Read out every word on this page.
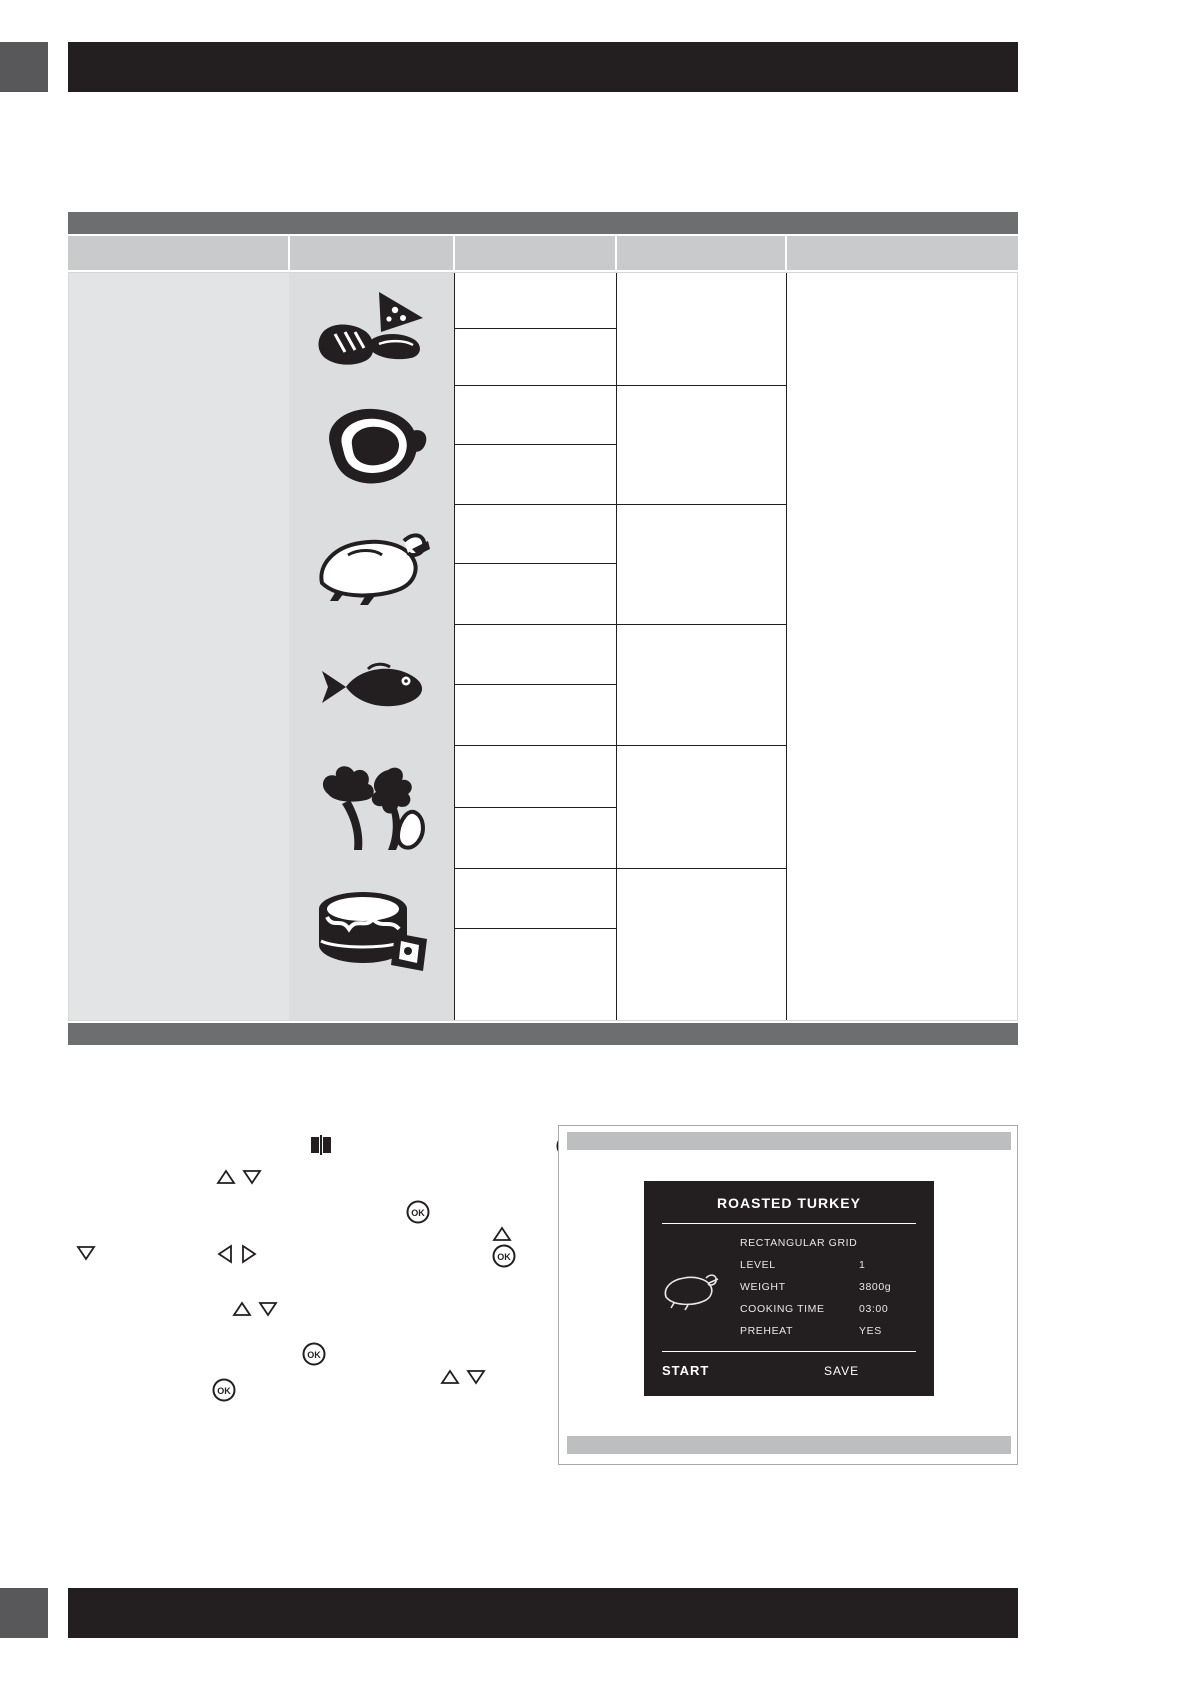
OK
OK
OK
OK
ROASTED TURKEY
RECTANGULAR GRID
LEVEL	1
WEIGHT	3800g
COOKING TIME	03:00
PREHEAT	YES
START	SAVE
